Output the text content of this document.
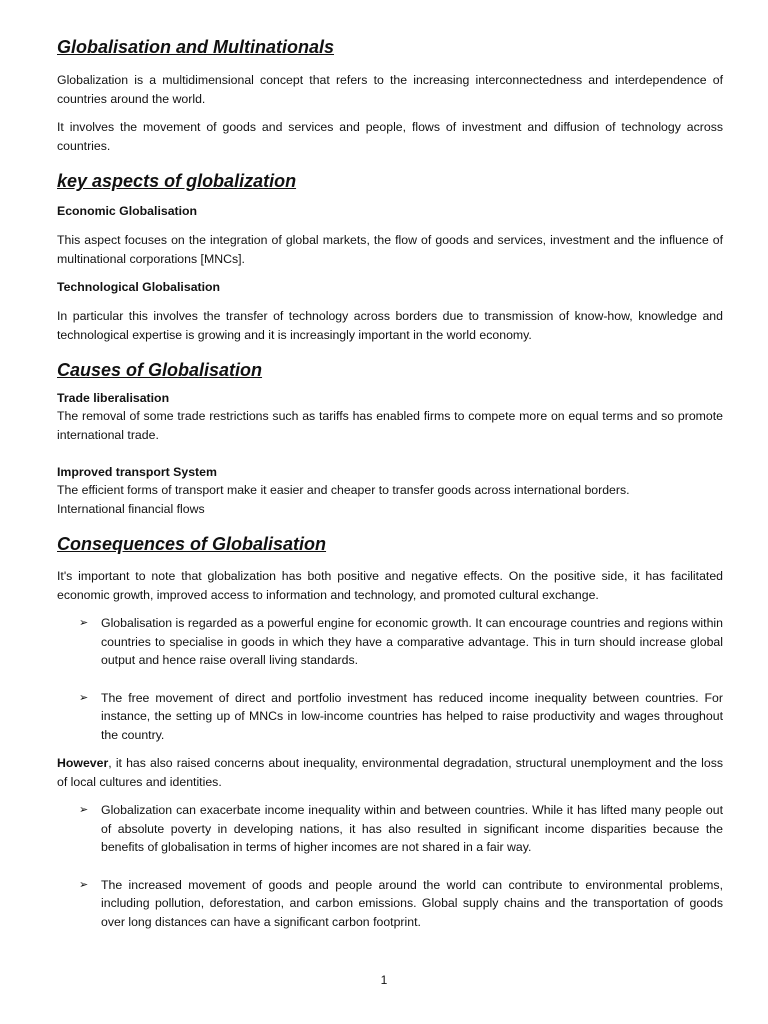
Globalisation and Multinationals

Globalization is a multidimensional concept that refers to the increasing interconnectedness and interdependence of countries around the world.

It involves the movement of goods and services and people, flows of investment and diffusion of technology across countries.

key aspects of globalization
Economic Globalisation

This aspect focuses on the integration of global markets, the flow of goods and services, investment and the influence of multinational corporations [MNCs].

Technological Globalisation

In particular this involves the transfer of technology across borders due to transmission of know-how, knowledge and technological expertise is growing and it is increasingly important in the world economy.

Causes of Globalisation
Trade liberalisation

The removal of some trade restrictions such as tariffs has enabled firms to compete more on equal terms and so promote international trade.

Improved transport System

The efficient forms of transport make it easier and cheaper to transfer goods across international borders.

International financial flows

Consequences of Globalisation

It's important to note that globalization has both positive and negative effects. On the positive side, it has facilitated economic growth, improved access to information and technology, and promoted cultural exchange.

➢ Globalisation is regarded as a powerful engine for economic growth. It can encourage countries and regions within countries to specialise in goods in which they have a comparative advantage. This in turn should increase global output and hence raise overall living standards.
➢ The free movement of direct and portfolio investment has reduced income inequality between countries. For instance, the setting up of MNCs in low-income countries has helped to raise productivity and wages throughout the country.

However, it has also raised concerns about inequality, environmental degradation, structural unemployment and the loss of local cultures and identities.

➢ Globalization can exacerbate income inequality within and between countries. While it has lifted many people out of absolute poverty in developing nations, it has also resulted in significant income disparities because the benefits of globalisation in terms of higher incomes are not shared in a fair way.
➢ The increased movement of goods and people around the world can contribute to environmental problems, including pollution, deforestation, and carbon emissions. Global supply chains and the transportation of goods over long distances can have a significant carbon footprint.
1
